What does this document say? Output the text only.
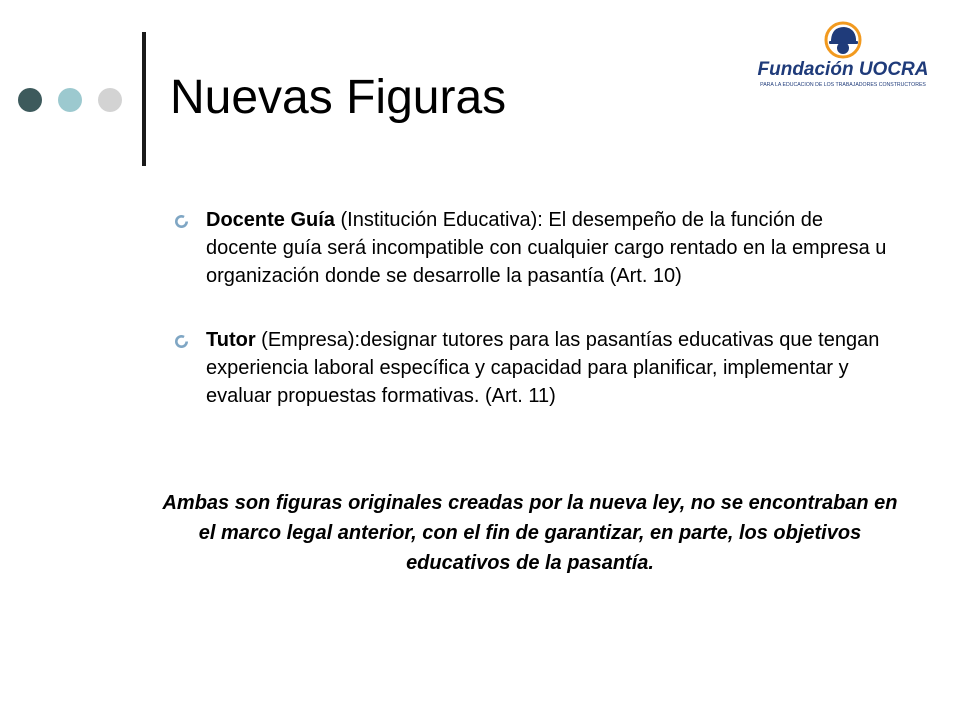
Nuevas Figuras
Fundación UOCRA
PARA LA EDUCACION DE LOS TRABAJADORES CONSTRUCTORES
Docente Guía (Institución Educativa): El desempeño de la función de docente guía será incompatible con cualquier cargo rentado en la empresa u organización donde se desarrolle la pasantía (Art. 10)
Tutor (Empresa):designar tutores para las pasantías educativas que tengan experiencia laboral específica y capacidad para planificar, implementar y evaluar propuestas formativas. (Art. 11)

Ambas son figuras originales creadas por la nueva ley, no se encontraban en el marco legal anterior, con el fin de garantizar, en parte, los objetivos educativos de la pasantía.
